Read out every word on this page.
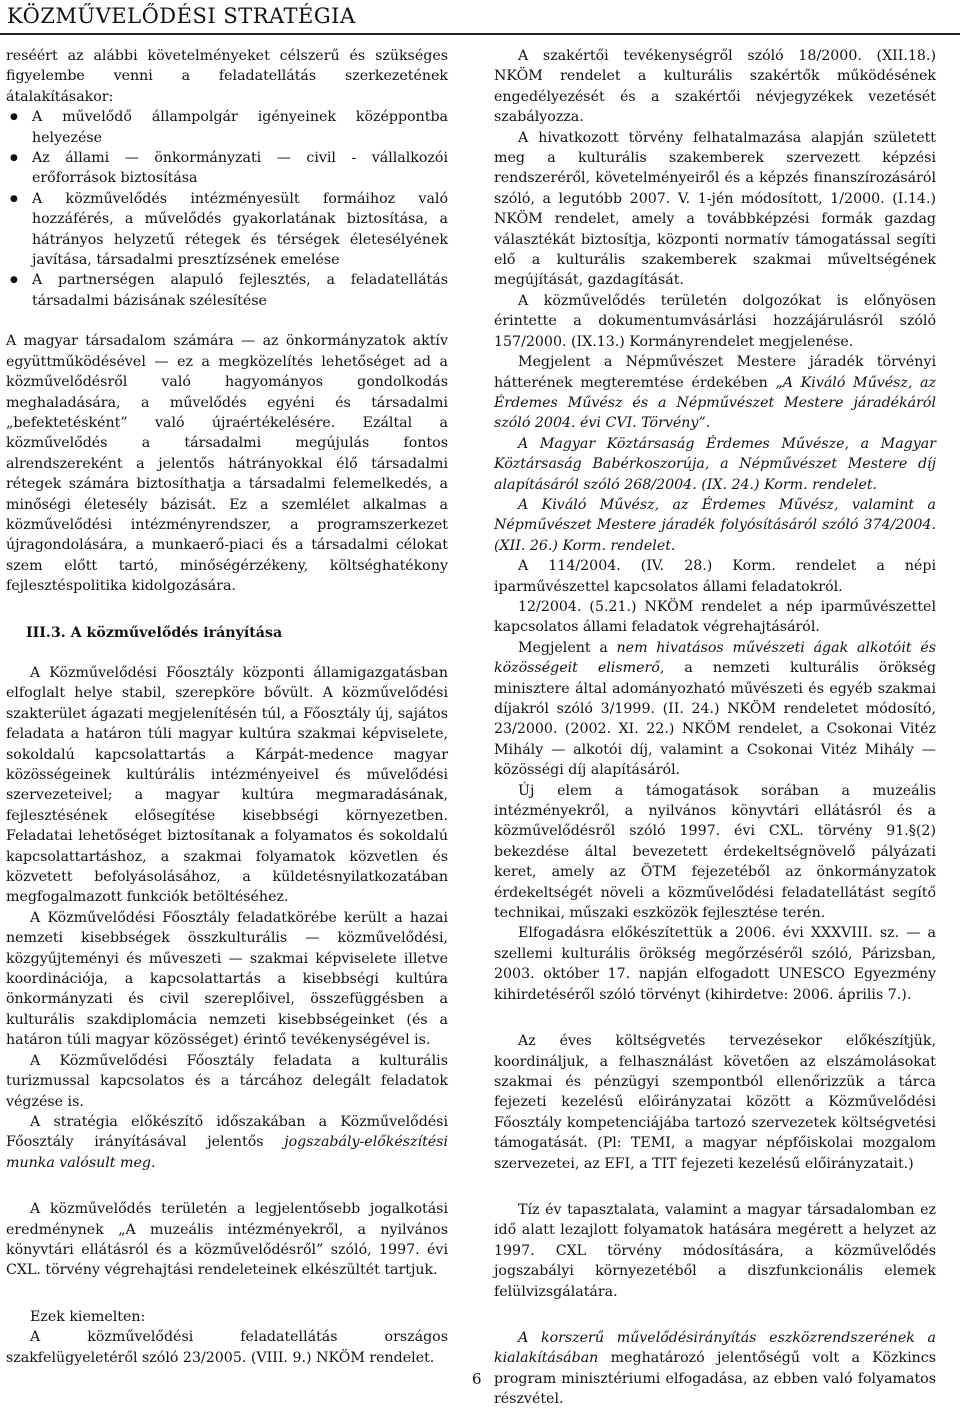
KÖZMŰVELŐDÉSI STRATÉGIA

reséért az alábbi követelményeket célszerű és szükséges figyelembe venni a feladatellátás szerkezetének átalakításakor:

● A művelődő állampolgár igényeinek középpontba helyezése
● Az állami — önkormányzati — civil - vállalkozói erőforrások biztosítása
● A közművelődés intézményesült formáihoz való hozzáférés, a művelődés gyakorlatának biztosítása, a hátrányos helyzetű rétegek és térségek életesélyének javítása, társadalmi presztízsének emelése
● A partnerségen alapuló fejlesztés, a feladatellátás társadalmi bázisának szélesítése

A magyar társadalom számára — az önkormányzatok aktív együttműködésével — ez a megközelítés lehetőséget ad a közművelődésről való hagyományos gondolkodás meghaladására, a művelődés egyéni és társadalmi „befektetésként” való újraértékelésére. Ezáltal a közművelődés a társadalmi megújulás fontos alrendszereként a jelentős hátrányokkal élő társadalmi rétegek számára biztosíthatja a társadalmi felemelkedés, a minőségi életesély bázisát. Ez a szemlélet alkalmas a közművelődési intézményrendszer, a programszerkezet újragondolására, a munkaerő-piaci és a társadalmi célokat szem előtt tartó, minőségérzékeny, költséghatékony fejlesztéspolitika kidolgozására.

III.3. A közművelődés irányítása

A Közművelődési Főosztály központi államigazgatásban elfoglalt helye stabil, szerepköre bővült. A közművelődési szakterület ágazati megjelenítésén túl, a Főosztály új, sajátos feladata a határon túli magyar kultúra szakmai képviselete, sokoldalú kapcsolattartás a Kárpát-medence magyar közösségeinek kultúrális intézményeivel és művelődési szervezeteivel; a magyar kultúra megmaradásának, fejlesztésének elősegítése kisebbségi környezetben. Feladatai lehetőséget biztosítanak a folyamatos és sokoldalú kapcsolattartáshoz, a szakmai folyamatok közvetlen és közvetett befolyásolásához, a küldetésnyilatkozatában megfogalmazott funkciók betöltéséhez.

A Közművelődési Főosztály feladatkörébe került a hazai nemzeti kisebbségek összkulturális — közművelődési, közgyűjteményi és műveszeti — szakmai képviselete illetve koordinációja, a kapcsolattartás a kisebbségi kultúra önkormányzati és civil szereplőivel, összefüggésben a kulturális szakdiplomácia nemzeti kisebbségeinket (és a határon túli magyar közösséget) érintő tevékenységével is.

A Közművelődési Főosztály feladata a kulturális turizmussal kapcsolatos és a tárcához delegált feladatok végzése is.

A stratégia előkészítő időszakában a Közművelődési Főosztály irányításával jelentős jogszabály-előkészítési munka valósult meg.

A közművelődés területén a legjelentősebb jogalkotási eredménynek „A muzeális intézményekről, a nyilvános könyvtári ellátásról és a közművelődésről” szóló, 1997. évi CXL. törvény végrehajtási rendeleteinek elkészültét tartjuk.

Ezek kiemelten:

A közművelődési feladatellátás országos szakfelügyeletéről szóló 23/2005. (VIII. 9.) NKÖM rendelet.

A szakértői tevékenységről szóló 18/2000. (XII.18.) NKÖM rendelet a kulturális szakértők működésének engedélyezését és a szakértői névjegyzékek vezetését szabályozza.

A hivatkozott törvény felhatalmazása alapján született meg a kulturális szakemberek szervezett képzési rendszeréről, követelményeiről és a képzés finanszírozásáról szóló, a legutóbb 2007. V. 1-jén módosított, 1/2000. (I.14.) NKÖM rendelet, amely a továbbképzési formák gazdag választékát biztosítja, központi normatív támogatással segíti elő a kulturális szakemberek szakmai műveltségének megújítását, gazdagítását.

A közművelődés területén dolgozókat is előnyösen érintette a dokumentumvásárlási hozzájárulásról szóló 157/2000. (IX.13.) Kormányrendelet megjelenése.

Megjelent a Népművészet Mestere járadék törvényi hátterének megteremtése érdekében „A Kiváló Művész, az Érdemes Művész és a Népművészet Mestere járadékáról szóló 2004. évi CVI. Törvény”.

A Magyar Köztársaság Érdemes Művésze, a Magyar Köztársaság Babérkoszorúja, a Népművészet Mestere díj alapításáról szóló 268/2004. (IX. 24.) Korm. rendelet.

A Kiváló Művész, az Érdemes Művész, valamint a Népművészet Mestere járadék folyósításáról szóló 374/2004. (XII. 26.) Korm. rendelet.

A 114/2004. (IV. 28.) Korm. rendelet a népi iparművészettel kapcsolatos állami feladatokról.

12/2004. (5.21.) NKÖM rendelet a nép iparművészettel kapcsolatos állami feladatok végrehajtásáról.

Megjelent a nem hivatásos művészeti ágak alkotóit és közösségeit elismerő, a nemzeti kulturális örökség minisztere által adományozható művészeti és egyéb szakmai díjakról szóló 3/1999. (II. 24.) NKÖM rendeletet módosító, 23/2000. (2002. XI. 22.) NKÖM rendelet, a Csokonai Vitéz Mihály — alkotói díj, valamint a Csokonai Vitéz Mihály — közösségi díj alapításáról.

Új elem a támogatások sorában a muzeális intézményekről, a nyilvános könyvtári ellátásról és a közművelődésről szóló 1997. évi CXL. törvény 91.§(2) bekezdése által bevezetett érdekeltségnövelő pályázati keret, amely az ÖTM fejezetéből az önkormányzatok érdekeltségét növeli a közművelődési feladatellátást segítő technikai, műszaki eszközök fejlesztése terén.

Elfogadásra előkészítettük a 2006. évi XXXVIII. sz. — a szellemi kulturális örökség megőrzéséről szóló, Párizsban, 2003. október 17. napján elfogadott UNESCO Egyezmény kihirdetéséről szóló törvényt (kihirdetve: 2006. április 7.).

Az éves költségvetés tervezésekor előkészítjük, koordináljuk, a felhasználást követően az elszámolásokat szakmai és pénzügyi szempontból ellenőrizzük a tárca fejezeti kezelésű előirányzatai között a Közművelődési Főosztály kompetenciájába tartozó szervezetek költségvetési támogatását. (Pl: TEMI, a magyar népfőiskolai mozgalom szervezetei, az EFI, a TIT fejezeti kezelésű előirányzatait.)

Tíz év tapasztalata, valamint a magyar társadalomban ez idő alatt lezajlott folyamatok hatására megérett a helyzet az 1997. CXL törvény módosítására, a közművelődés jogszabályi környezetéből a diszfunkcionális elemek felülvizsgálatára.

A korszerű művelődésirányítás eszközrendszerének a kialakításában meghatározó jelentőségű volt a Közkincs program minisztériumi elfogadása, az ebben való folyamatos részvétel.

6
